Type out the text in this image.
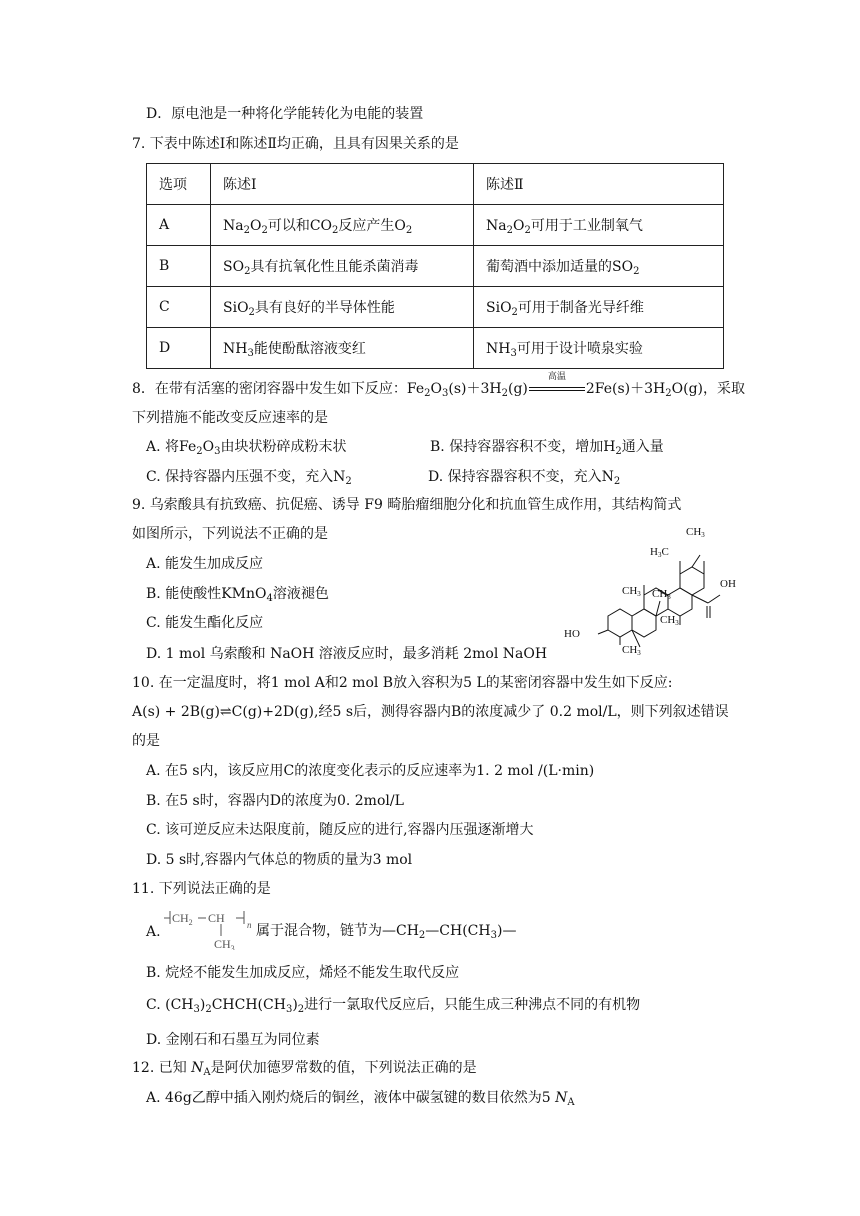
D．原电池是一种将化学能转化为电能的装置
7. 下表中陈述Ⅰ和陈述Ⅱ均正确，且具有因果关系的是
选项	陈述Ⅰ	陈述Ⅱ
A	$Na_2O_2$可以和$CO_2$反应产生$O_2$	$Na_2O_2$可用于工业制氧气
B	$SO_2$具有抗氧化性且能杀菌消毒	葡萄酒中添加适量的$SO_2$
C	SiO$_2$具有良好的半导体性能	SiO$_2$可用于制备光导纤维
D	$NH_3$能使酚酞溶液变红	$NH_3$可用于设计喷泉实验
8．在带有活塞的密闭容器中发生如下反应：$Fe_2O_3(s)+3H_2(g)$
高温
$2Fe(s)+3H_2O(g)$，采取
下列措施不能改变反应速率的是
A. 将$Fe_2O_3$由块状粉碎成粉末状	B. 保持容器容积不变，增加$H_2$通入量
C. 保持容器内压强不变，充入$N_2$	D. 保持容器容积不变，充入$N_2$
9. 乌索酸具有抗致癌、抗促癌、诱导 F9 畸胎瘤细胞分化和抗血管生成作用，其结构简式
如图所示，下列说法不正确的是
A. 能发生加成反应
B. 能使酸性KMnO$_4$溶液褪色
C. 能发生酯化反应
D. 1 mol 乌索酸和 NaOH 溶液反应时，最多消耗 2mol NaOH
CH3
H3C
CH3 CH3
CH3
OH
HO
CH3
10. 在一定温度时，将1 mol A和2 mol B放入容积为5 L的某密闭容器中发生如下反应:
A(s) + 2B(g)⇌C(g)+2D(g),经5 s后，测得容器内B的浓度减少了 0.2 mol/L，则下列叙述错误
的是
A. 在5 s内，该反应用C的浓度变化表示的反应速率为1. 2 mol /(L·min)
B. 在5 s时，容器内D的浓度为0. 2mol/L
C. 该可逆反应未达限度前，随反应的进行,容器内压强逐渐增大
D. 5 s时,容器内气体总的物质的量为3 mol
11. 下列说法正确的是
A.
$CH_2$ CH n
$CH_3$
属于混合物，链节为$—CH_2—CH(CH_3)—$
B. 烷烃不能发生加成反应，烯烃不能发生取代反应
C. $(CH_3)_2CHCH(CH_3)_2$进行一氯取代反应后，只能生成三种沸点不同的有机物
D. 金刚石和石墨互为同位素
12. 已知 $N_A$是阿伏加德罗常数的值，下列说法正确的是
A. 46g乙醇中插入刚灼烧后的铜丝，液体中碳氢键的数目依然为5 $N_A$
